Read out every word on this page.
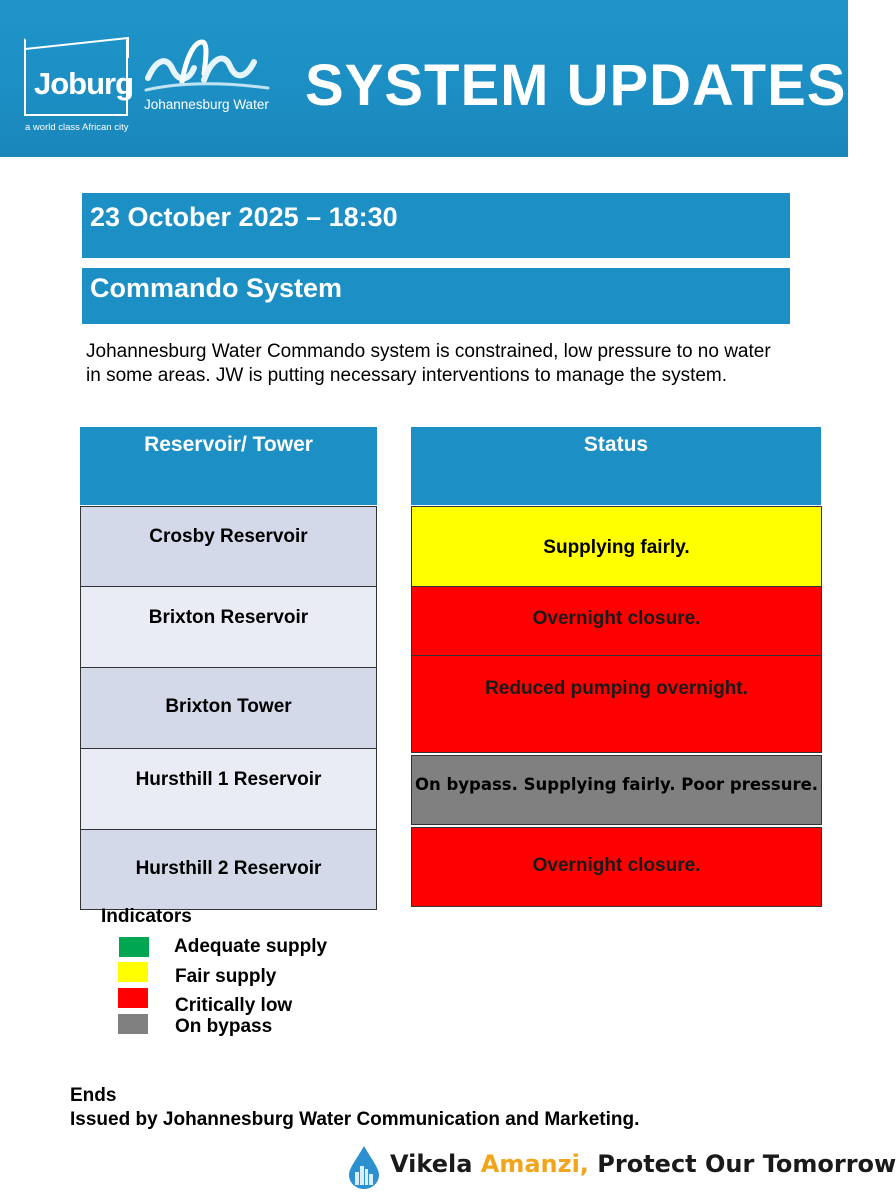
Joburg
a world class African city
Johannesburg Water SYSTEM UPDATES
23 October 2025 – 18:30
Commando System
Johannesburg Water Commando system is constrained, low pressure to no water in some areas. JW is putting necessary interventions to manage the system.
Reservoir/ Tower	Status
Crosby Reservoir
Brixton Reservoir
Brixton Tower
Hursthill 1 Reservoir
Hursthill 2 Reservoir
Supplying fairly.
Overnight closure.
Reduced pumping overnight.
On bypass. Supplying fairly. Poor pressure.
Overnight closure.
Indicators
Adequate supply
Fair supply
Critically low
On bypass
Ends
Issued by Johannesburg Water Communication and Marketing.
Vikela Amanzi, Protect Our Tomorrow
